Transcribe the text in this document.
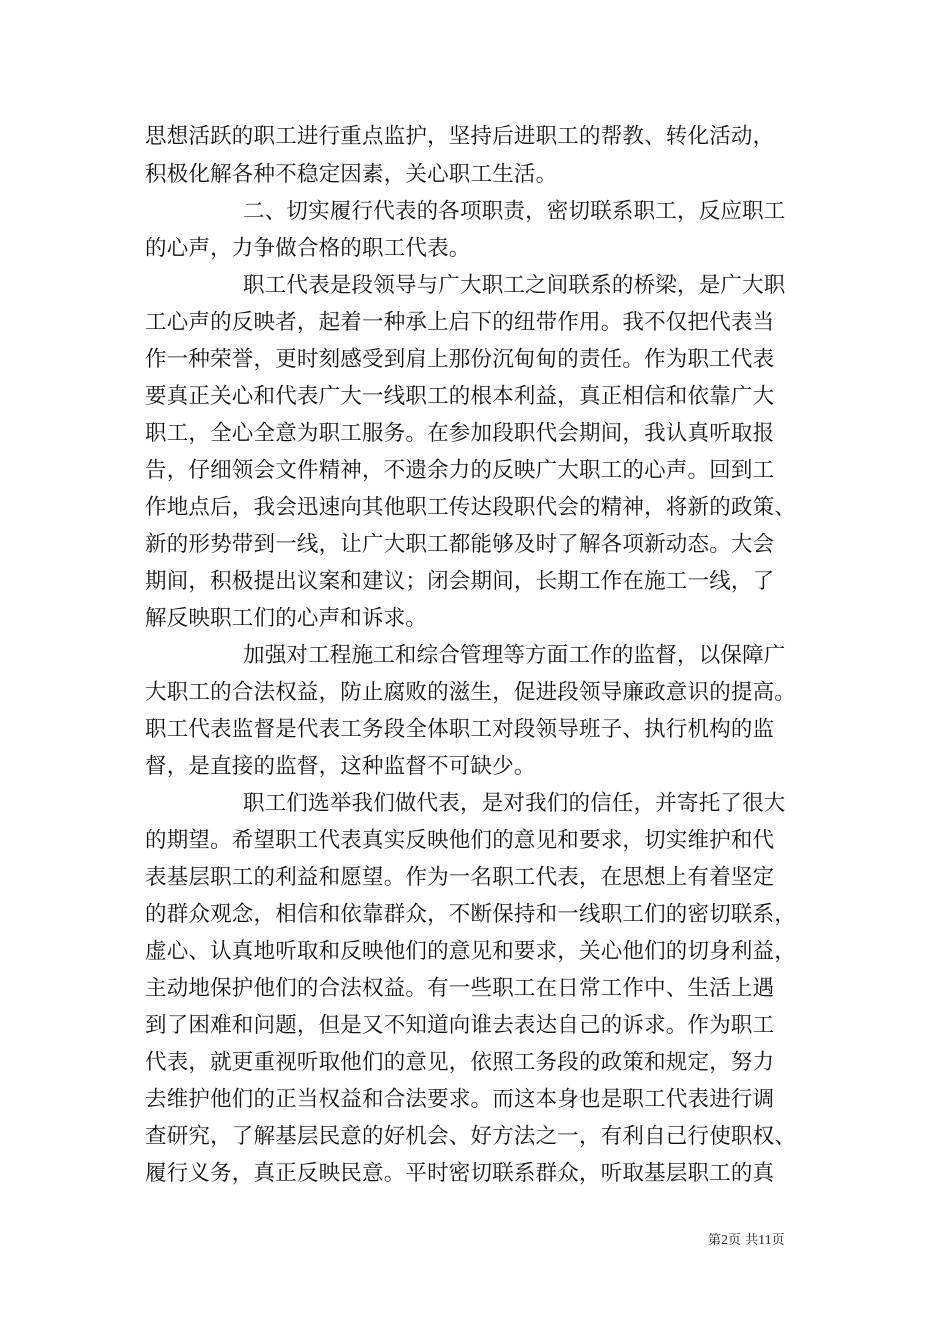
思想活跃的职工进行重点监护，坚持后进职工的帮教、转化活动，
积极化解各种不稳定因素，关心职工生活。
二、切实履行代表的各项职责，密切联系职工，反应职工
的心声，力争做合格的职工代表。
职工代表是段领导与广大职工之间联系的桥梁，是广大职
工心声的反映者，起着一种承上启下的纽带作用。我不仅把代表当
作一种荣誉，更时刻感受到肩上那份沉甸甸的责任。作为职工代表
要真正关心和代表广大一线职工的根本利益，真正相信和依靠广大
职工，全心全意为职工服务。在参加段职代会期间，我认真听取报
告，仔细领会文件精神，不遗余力的反映广大职工的心声。回到工
作地点后，我会迅速向其他职工传达段职代会的精神，将新的政策、
新的形势带到一线，让广大职工都能够及时了解各项新动态。大会
期间，积极提出议案和建议；闭会期间，长期工作在施工一线，了
解反映职工们的心声和诉求。
加强对工程施工和综合管理等方面工作的监督，以保障广
大职工的合法权益，防止腐败的滋生，促进段领导廉政意识的提高。
职工代表监督是代表工务段全体职工对段领导班子、执行机构的监
督，是直接的监督，这种监督不可缺少。
职工们选举我们做代表，是对我们的信任，并寄托了很大
的期望。希望职工代表真实反映他们的意见和要求，切实维护和代
表基层职工的利益和愿望。作为一名职工代表，在思想上有着坚定
的群众观念，相信和依靠群众，不断保持和一线职工们的密切联系，
虚心、认真地听取和反映他们的意见和要求，关心他们的切身利益，
主动地保护他们的合法权益。有一些职工在日常工作中、生活上遇
到了困难和问题，但是又不知道向谁去表达自己的诉求。作为职工
代表，就更重视听取他们的意见，依照工务段的政策和规定，努力
去维护他们的正当权益和合法要求。而这本身也是职工代表进行调
查研究，了解基层民意的好机会、好方法之一，有利自己行使职权、
履行义务，真正反映民意。平时密切联系群众，听取基层职工的真
第2页 共11页
